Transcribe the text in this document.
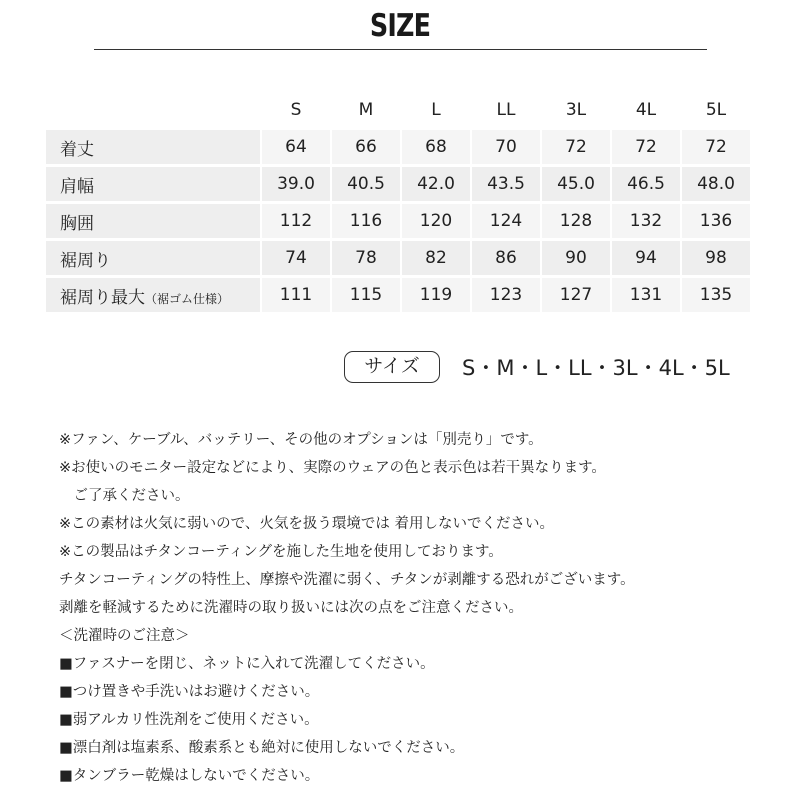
SIZE
	S	M	L	LL	3L	4L	5L
着丈	64	66	68	70	72	72	72
肩幅	39.0	40.5	42.0	43.5	45.0	46.5	48.0
胸囲	112	116	120	124	128	132	136
裾周り	74	78	82	86	90	94	98
裾周り最大（裾ゴム仕様）	111	115	119	123	127	131	135
サイズ	S・M・L・LL・3L・4L・5L
※ファン、ケーブル、バッテリー、その他のオプションは「別売り」です。
※お使いのモニター設定などにより、実際のウェアの色と表示色は若干異なります。
　ご了承ください。
※この素材は火気に弱いので、火気を扱う環境では 着用しないでください。
※この製品はチタンコーティングを施した生地を使用しております。
チタンコーティングの特性上、摩擦や洗濯に弱く、チタンが剥離する恐れがございます。
剥離を軽減するために洗濯時の取り扱いには次の点をご注意ください。
＜洗濯時のご注意＞
■ファスナーを閉じ、ネットに入れて洗濯してください。
■つけ置きや手洗いはお避けください。
■弱アルカリ性洗剤をご使用ください。
■漂白剤は塩素系、酸素系とも絶対に使用しないでください。
■タンブラー乾燥はしないでください。
